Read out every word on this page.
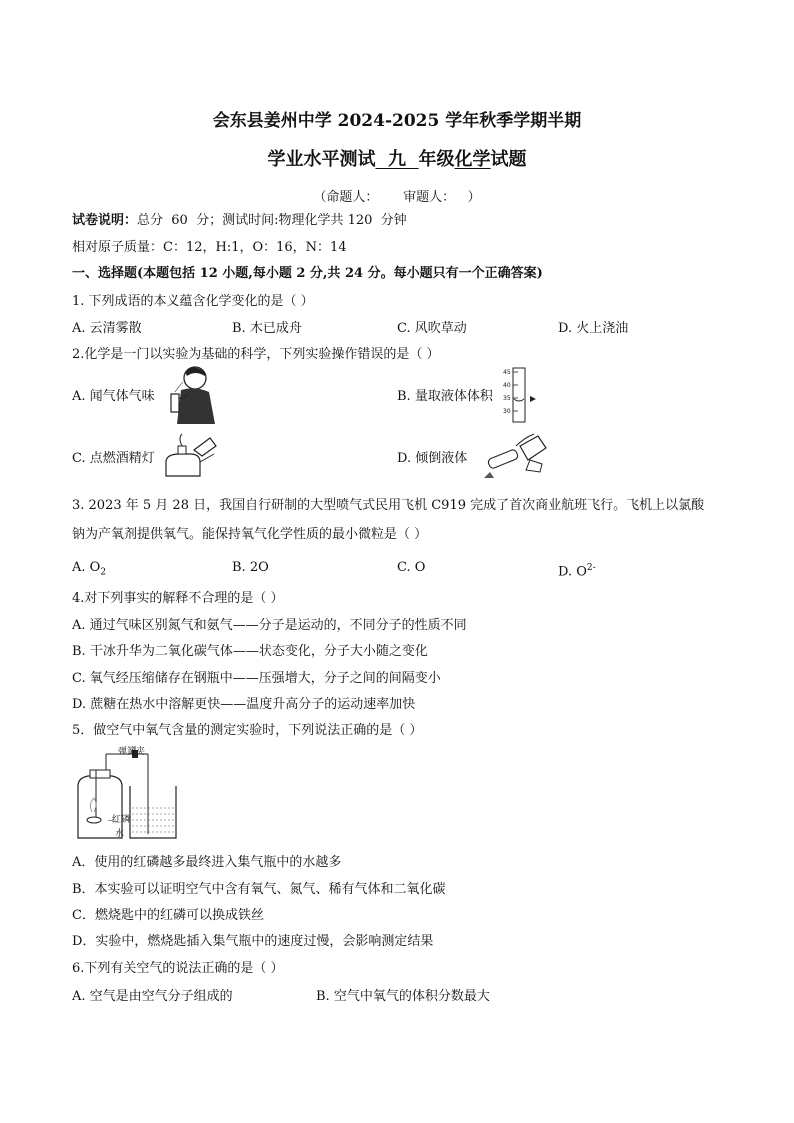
会东县姜州中学 2024-2025 学年秋季学期半期
学业水平测试  九  年级化学试题
（命题人：      审题人：   ）
试卷说明：总分  60  分；测试时间:物理化学共 120  分钟
相对原子质量：C：12，H:1，O：16，N：14
一、选择题(本题包括 12 小题,每小题 2 分,共 24 分。每小题只有一个正确答案)
1. 下列成语的本义蕴含化学变化的是（ ）
A. 云清雾散	B. 木已成舟	C. 风吹草动	D. 火上浇油
2.化学是一门以实验为基础的科学，下列实验操作错误的是（ ）
A. 闻气体气味	B. 量取液体体积
45
40
35
30
C. 点燃酒精灯	D. 倾倒液体
3. 2023 年 5 月 28 日，我国自行研制的大型喷气式民用飞机 C919 完成了首次商业航班飞行。飞机上以氯酸
钠为产氧剂提供氧气。能保持氧气化学性质的最小微粒是（ ）
A. $O_2$	B. 2O	C. O	D. $O^{2-}$
4.对下列事实的解释不合理的是（ ）
A. 通过气味区别氮气和氨气——分子是运动的，不同分子的性质不同
B. 干冰升华为二氧化碳气体——状态变化，分子大小随之变化
C. 氧气经压缩储存在钢瓶中——压强增大，分子之间的间隔变小
D. 蔗糖在热水中溶解更快——温度升高分子的运动速率加快
5．做空气中氧气含量的测定实验时，下列说法正确的是（ ）
弹簧夹
红磷
水
A．使用的红磷越多最终进入集气瓶中的水越多
B．本实验可以证明空气中含有氧气、氮气、稀有气体和二氧化碳
C．燃烧匙中的红磷可以换成铁丝
D．实验中，燃烧匙插入集气瓶中的速度过慢，会影响测定结果
6.下列有关空气的说法正确的是（ ）
A. 空气是由空气分子组成的	B. 空气中氧气的体积分数最大
